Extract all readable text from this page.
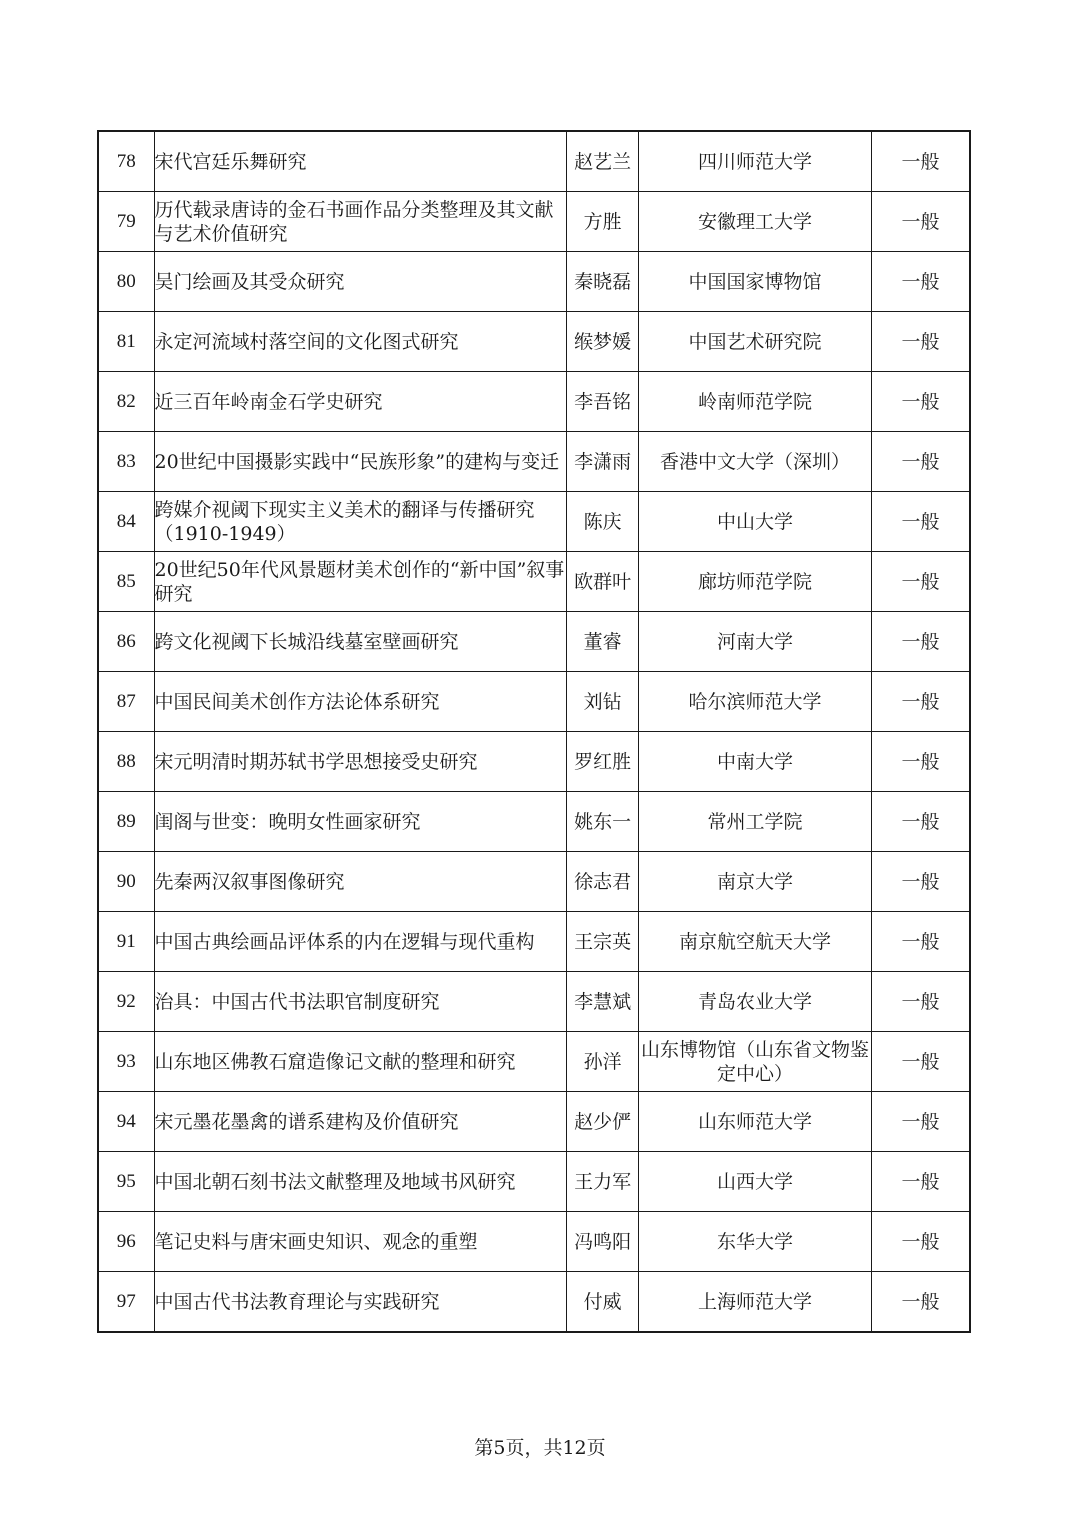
78	宋代宫廷乐舞研究	赵艺兰	四川师范大学	一般
79	历代载录唐诗的金石书画作品分类整理及其文献与艺术价值研究	方胜	安徽理工大学	一般
80	吴门绘画及其受众研究	秦晓磊	中国国家博物馆	一般
81	永定河流域村落空间的文化图式研究	缑梦媛	中国艺术研究院	一般
82	近三百年岭南金石学史研究	李吾铭	岭南师范学院	一般
83	20世纪中国摄影实践中“民族形象”的建构与变迁	李潇雨	香港中文大学（深圳）	一般
84	跨媒介视阈下现实主义美术的翻译与传播研究（1910-1949）	陈庆	中山大学	一般
85	20世纪50年代风景题材美术创作的“新中国”叙事研究	欧群叶	廊坊师范学院	一般
86	跨文化视阈下长城沿线墓室壁画研究	董睿	河南大学	一般
87	中国民间美术创作方法论体系研究	刘钻	哈尔滨师范大学	一般
88	宋元明清时期苏轼书学思想接受史研究	罗红胜	中南大学	一般
89	闺阁与世变：晚明女性画家研究	姚东一	常州工学院	一般
90	先秦两汉叙事图像研究	徐志君	南京大学	一般
91	中国古典绘画品评体系的内在逻辑与现代重构	王宗英	南京航空航天大学	一般
92	治具：中国古代书法职官制度研究	李慧斌	青岛农业大学	一般
93	山东地区佛教石窟造像记文献的整理和研究	孙洋	山东博物馆（山东省文物鉴定中心）	一般
94	宋元墨花墨禽的谱系建构及价值研究	赵少俨	山东师范大学	一般
95	中国北朝石刻书法文献整理及地域书风研究	王力军	山西大学	一般
96	笔记史料与唐宋画史知识、观念的重塑	冯鸣阳	东华大学	一般
97	中国古代书法教育理论与实践研究	付威	上海师范大学	一般
第5页，共12页
